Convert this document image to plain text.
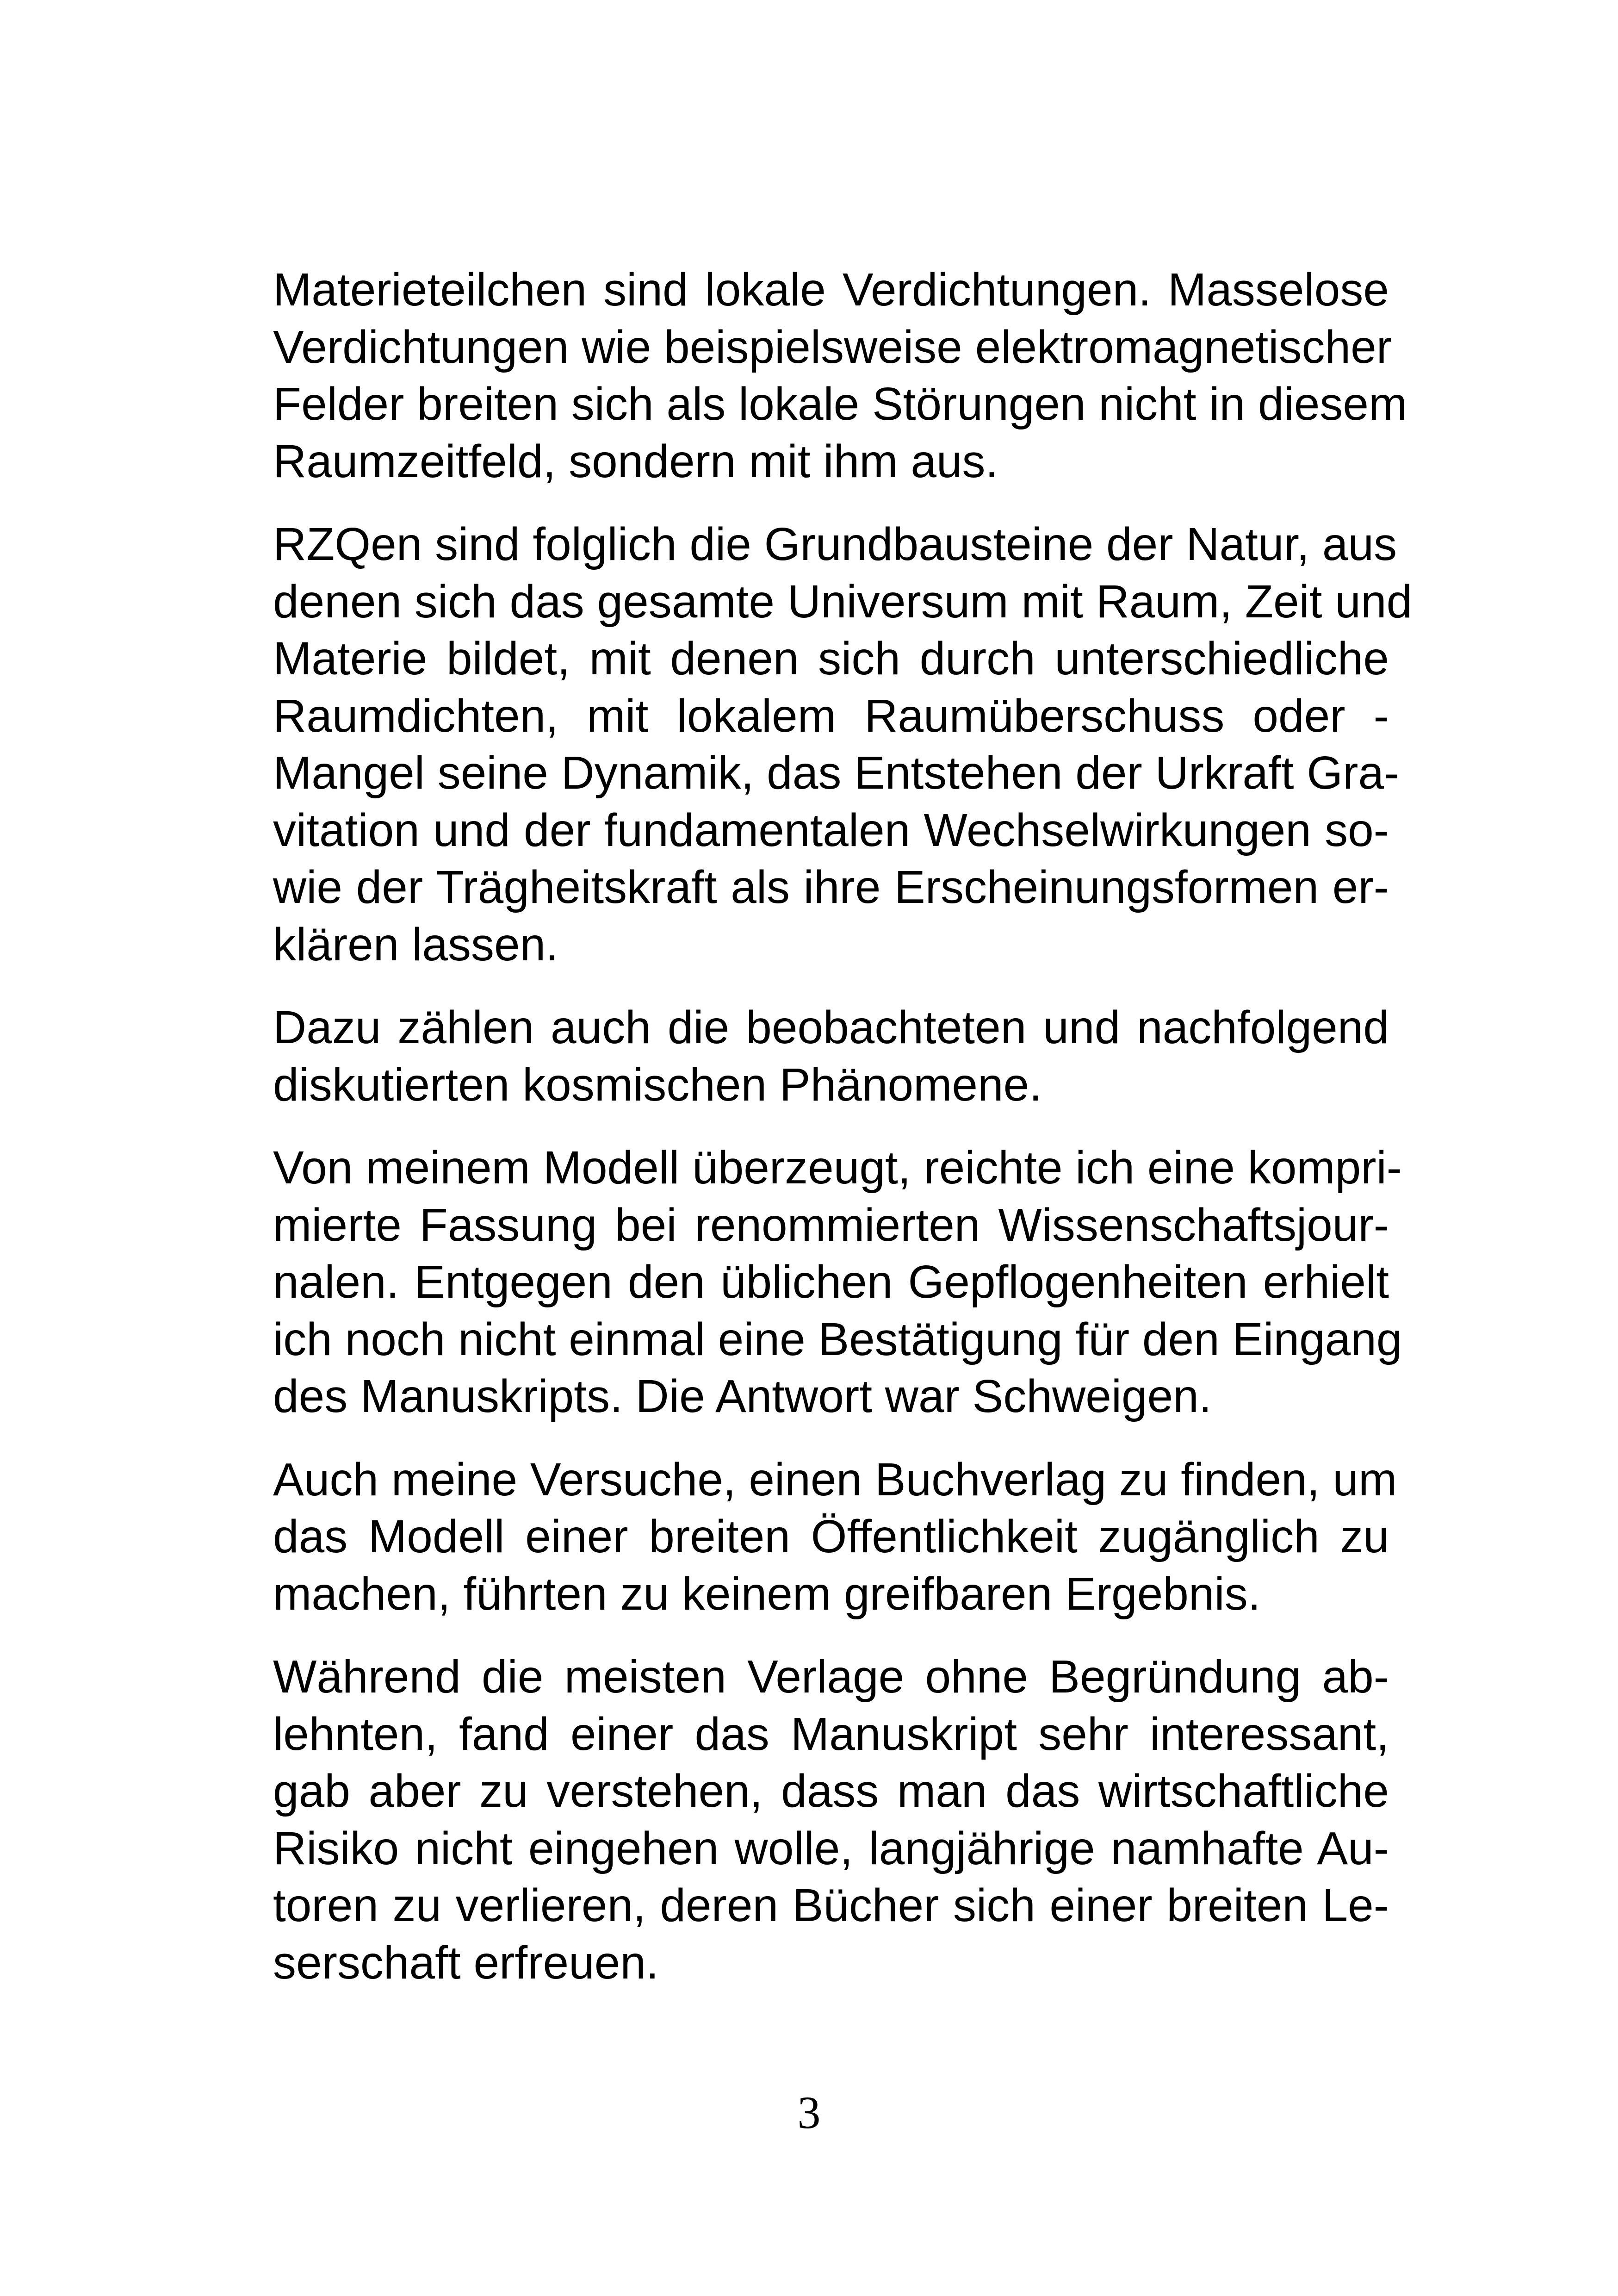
Materieteilchen sind lokale Verdichtungen. Masselose
Verdichtungen wie beispielsweise elektromagnetischer
Felder breiten sich als lokale Störungen nicht in diesem
Raumzeitfeld, sondern mit ihm aus.

RZQen sind folglich die Grundbausteine der Natur, aus
denen sich das gesamte Universum mit Raum, Zeit und
Materie bildet, mit denen sich durch unterschiedliche
Raumdichten, mit lokalem Raumüberschuss oder -
Mangel seine Dynamik, das Entstehen der Urkraft Gra-
vitation und der fundamentalen Wechselwirkungen so-
wie der Trägheitskraft als ihre Erscheinungsformen er-
klären lassen.

Dazu zählen auch die beobachteten und nachfolgend
diskutierten kosmischen Phänomene.

Von meinem Modell überzeugt, reichte ich eine kompri-
mierte Fassung bei renommierten Wissenschaftsjour-
nalen. Entgegen den üblichen Gepflogenheiten erhielt
ich noch nicht einmal eine Bestätigung für den Eingang
des Manuskripts. Die Antwort war Schweigen.

Auch meine Versuche, einen Buchverlag zu finden, um
das Modell einer breiten Öffentlichkeit zugänglich zu
machen, führten zu keinem greifbaren Ergebnis.

Während die meisten Verlage ohne Begründung ab-
lehnten, fand einer das Manuskript sehr interessant,
gab aber zu verstehen, dass man das wirtschaftliche
Risiko nicht eingehen wolle, langjährige namhafte Au-
toren zu verlieren, deren Bücher sich einer breiten Le-
serschaft erfreuen.

3
